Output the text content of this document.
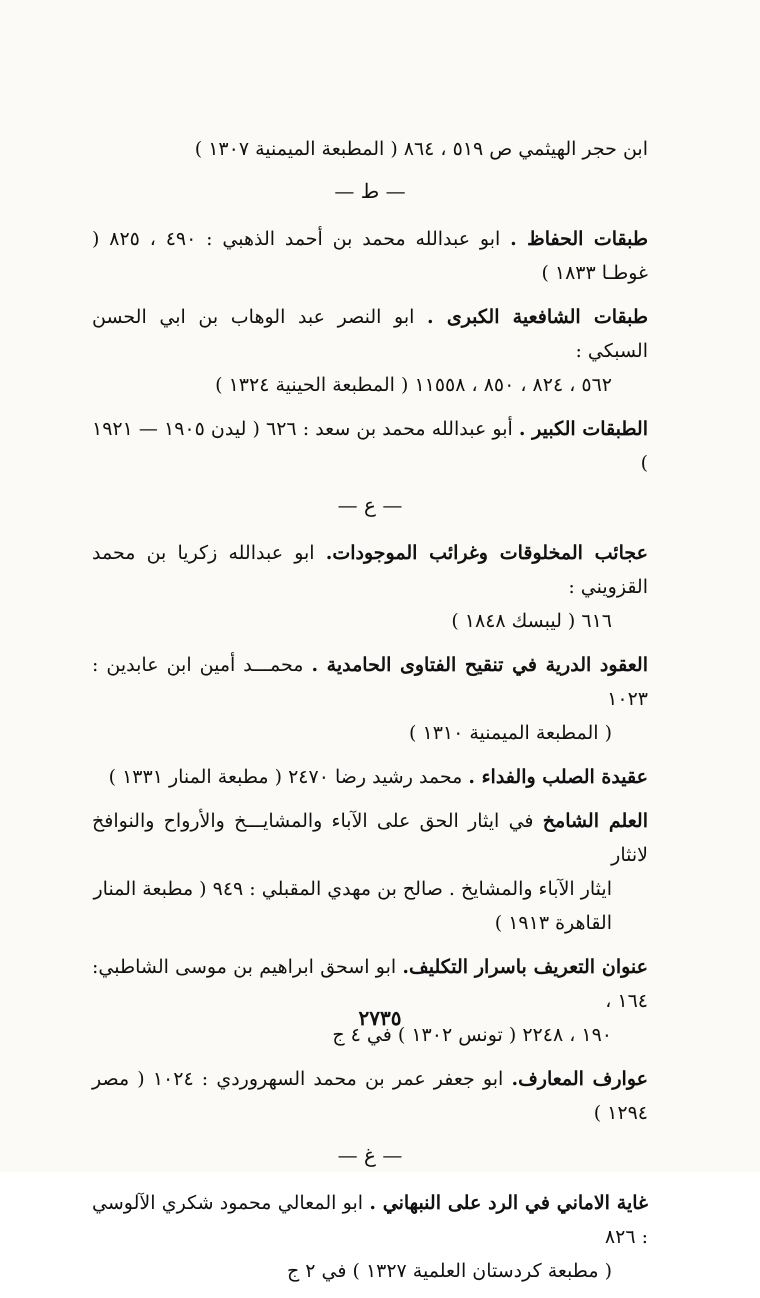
ابن حجر الهيثمي ص ٥١٩ ، ٨٦٤ ( المطبعة الميمنية ١٣٠٧ )
— ط —
طبقات الحفاظ . ابو عبدالله محمد بن أحمد الذهبي : ٤٩٠ ، ٨٢٥ ( غوطـا ١٨٣٣ )
طبقات الشافعية الكبرى . ابو النصر عبد الوهاب بن ابي الحسن السبكي :
٥٦٢ ، ٨٢٤ ، ٨٥٠ ، ١١٥٥٨ ( المطبعة الحينية ١٣٢٤ )
الطبقات الكبير . أبو عبدالله محمد بن سعد : ٦٢٦ ( ليدن ١٩٠٥ — ١٩٢١ )
— ع —
عجائب المخلوقات وغرائب الموجودات. ابو عبدالله زكريا بن محمد القزويني :
٦١٦ ( ليبسك ١٨٤٨ )
العقود الدرية في تنقيح الفتاوى الحامدية . محمـــد أمين ابن عابدين : ١٠٢٣
( المطبعة الميمنية ١٣١٠ )
عقيدة الصلب والفداء . محمد رشيد رضا ٢٤٧٠ ( مطبعة المنار ١٣٣١ )
العلم الشامخ في ايثار الحق على الآباء والمشايـــخ والأرواح والنوافخ لانثار
ايثار الآباء والمشايخ . صالح بن مهدي المقبلي : ٩٤٩ ( مطبعة المنار القاهرة ١٩١٣ )
عنوان التعريف باسرار التكليف. ابو اسحق ابراهيم بن موسى الشاطبي: ١٦٤ ،
١٩٠ ، ٢٢٤٨ ( تونس ١٣٠٢ ) في ٤ ج
عوارف المعارف. ابو جعفر عمر بن محمد السهروردي : ١٠٢٤ ( مصر ١٢٩٤ )
— غ —
غاية الاماني في الرد على النبهاني . ابو المعالي محمود شكري الآلوسي : ٨٢٦
( مطبعة كردستان العلمية ١٣٢٧ ) في ٢ ج
٢٧٣٥
